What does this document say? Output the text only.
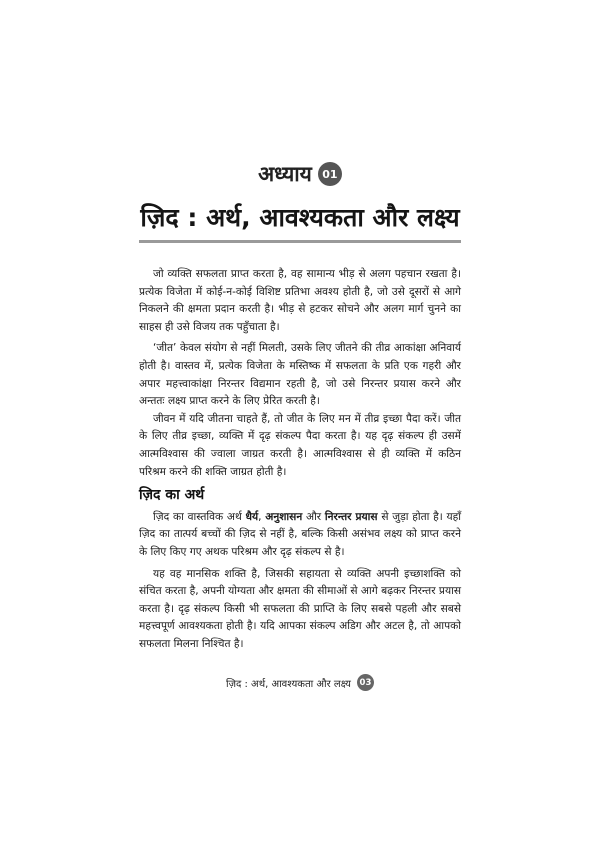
अध्याय 01
ज़िद : अर्थ, आवश्यकता और लक्ष्य

जो व्यक्ति सफलता प्राप्त करता है, वह सामान्य भीड़ से अलग पहचान रखता है। प्रत्येक विजेता में कोई-न-कोई विशिष्ट प्रतिभा अवश्य होती है, जो उसे दूसरों से आगे निकलने की क्षमता प्रदान करती है। भीड़ से हटकर सोचने और अलग मार्ग चुनने का साहस ही उसे विजय तक पहुँचाता है।

‘जीत’ केवल संयोग से नहीं मिलती, उसके लिए जीतने की तीव्र आकांक्षा अनिवार्य होती है। वास्तव में, प्रत्येक विजेता के मस्तिष्क में सफलता के प्रति एक गहरी और अपार महत्त्वाकांक्षा निरन्तर विद्यमान रहती है, जो उसे निरन्तर प्रयास करने और अन्ततः लक्ष्य प्राप्त करने के लिए प्रेरित करती है।

जीवन में यदि जीतना चाहते हैं, तो जीत के लिए मन में तीव्र इच्छा पैदा करें। जीत के लिए तीव्र इच्छा, व्यक्ति में दृढ़ संकल्प पैदा करता है। यह दृढ़ संकल्प ही उसमें आत्मविश्वास की ज्वाला जाग्रत करती है। आत्मविश्वास से ही व्यक्ति में कठिन परिश्रम करने की शक्ति जाग्रत होती है।

ज़िद का अर्थ

ज़िद का वास्तविक अर्थ धैर्य, अनुशासन और निरन्तर प्रयास से जुड़ा होता है। यहाँ ज़िद का तात्पर्य बच्चों की ज़िद से नहीं है, बल्कि किसी असंभव लक्ष्य को प्राप्त करने के लिए किए गए अथक परिश्रम और दृढ़ संकल्प से है।

यह वह मानसिक शक्ति है, जिसकी सहायता से व्यक्ति अपनी इच्छाशक्ति को संचित करता है, अपनी योग्यता और क्षमता की सीमाओं से आगे बढ़कर निरन्तर प्रयास करता है। दृढ़ संकल्प किसी भी सफलता की प्राप्ति के लिए सबसे पहली और सबसे महत्त्वपूर्ण आवश्यकता होती है। यदि आपका संकल्प अडिग और अटल है, तो आपको सफलता मिलना निश्चित है।

ज़िद : अर्थ, आवश्यकता और लक्ष्य	03
